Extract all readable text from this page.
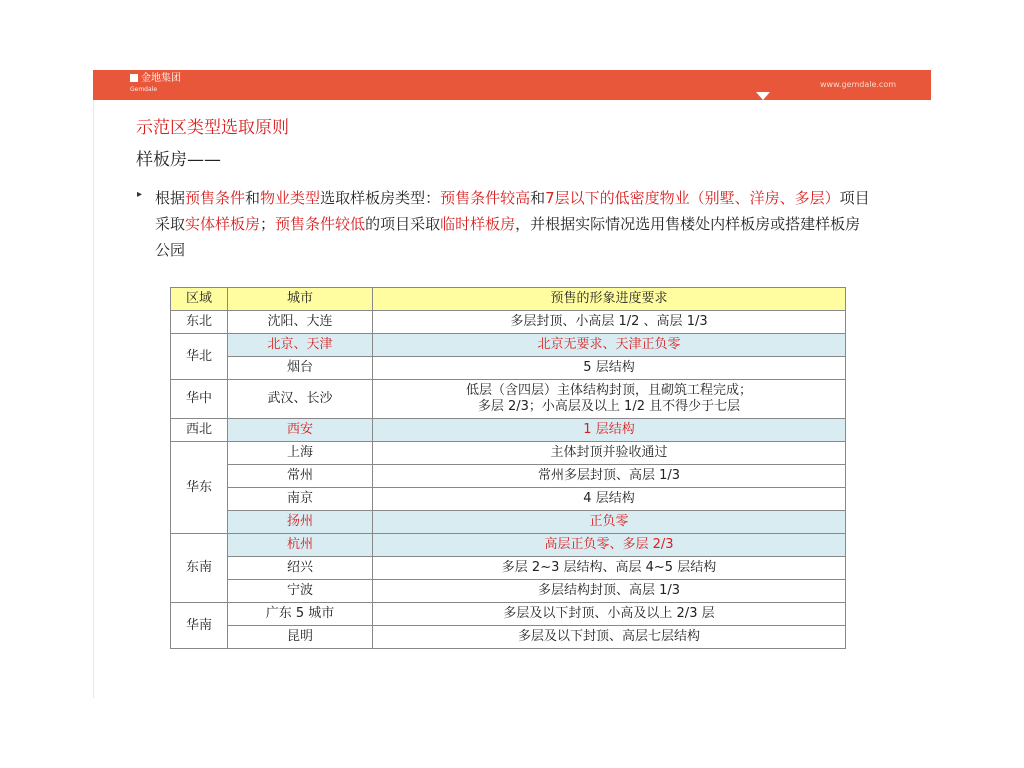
金地集团
Gemdale
www.gemdale.com
示范区类型选取原则
样板房——
▸ 根据预售条件和物业类型选取样板房类型：预售条件较高和7层以下的低密度物业（别墅、洋房、多层）项目采取实体样板房；预售条件较低的项目采取临时样板房，并根据实际情况选用售楼处内样板房或搭建样板房公园
区域	城市	预售的形象进度要求
东北	沈阳、大连	多层封顶、小高层 1/2 、高层 1/3
华北	北京、天津	北京无要求、天津正负零
	烟台	5 层结构
华中	武汉、长沙	低层（含四层）主体结构封顶，且砌筑工程完成；
多层 2/3；小高层及以上 1/2 且不得少于七层
西北	西安	1 层结构
华东	上海	主体封顶并验收通过
	常州	常州多层封顶、高层 1/3
	南京	4 层结构
	扬州	正负零
东南	杭州	高层正负零、多层 2/3
	绍兴	多层 2~3 层结构、高层 4~5 层结构
	宁波	多层结构封顶、高层 1/3
华南	广东 5 城市	多层及以下封顶、小高及以上 2/3 层
	昆明	多层及以下封顶、高层七层结构
